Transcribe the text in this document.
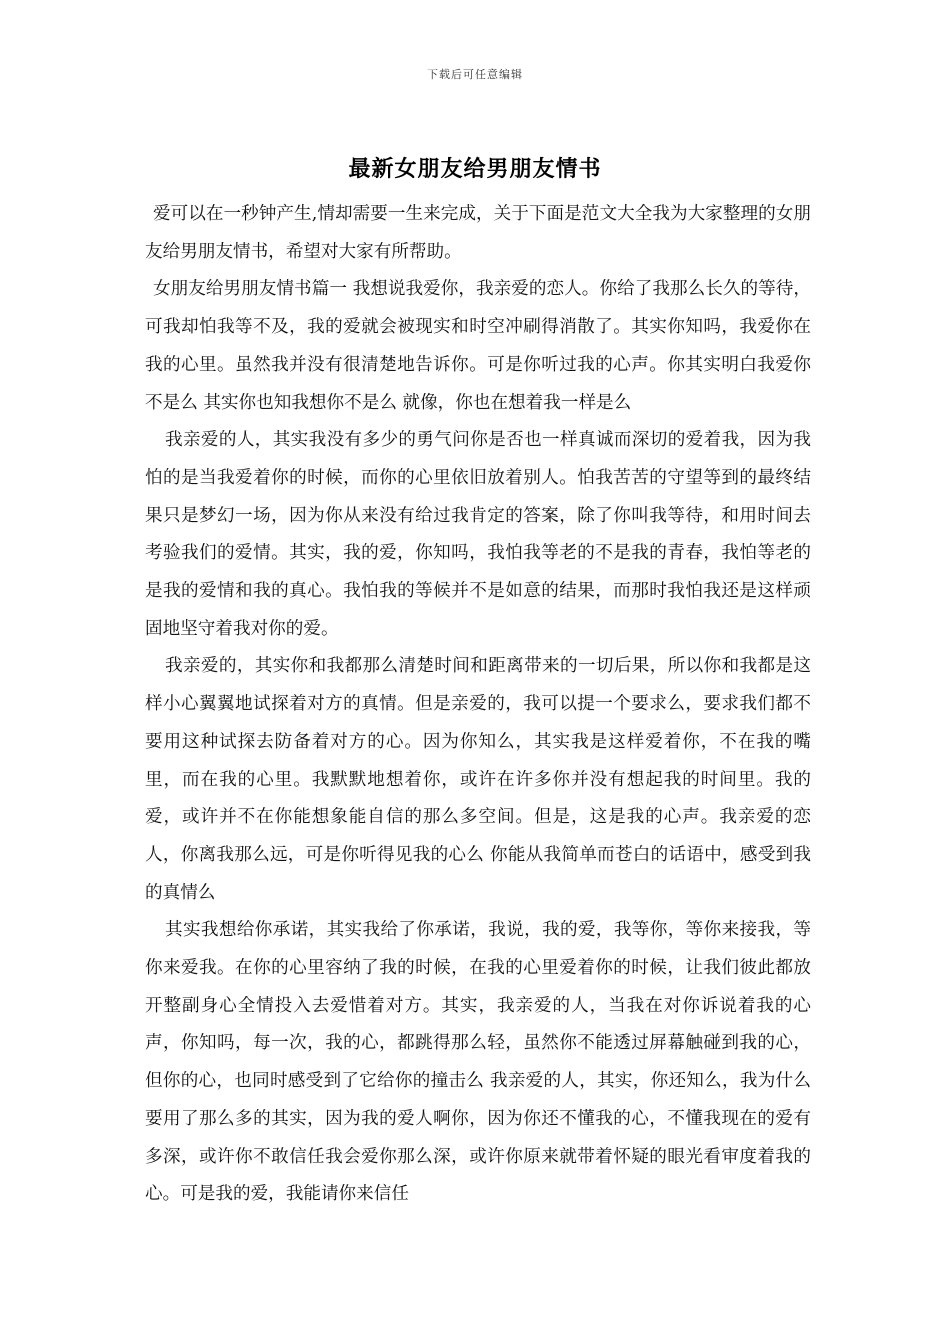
下载后可任意编辑
最新女朋友给男朋友情书

爱可以在一秒钟产生,情却需要一生来完成，关于下面是范文大全我为大家整理的女朋友给男朋友情书，希望对大家有所帮助。

女朋友给男朋友情书篇一 我想说我爱你，我亲爱的恋人。你给了我那么长久的等待，可我却怕我等不及，我的爱就会被现实和时空冲刷得消散了。其实你知吗，我爱你在我的心里。虽然我并没有很清楚地告诉你。可是你听过我的心声。你其实明白我爱你不是么 其实你也知我想你不是么 就像，你也在想着我一样是么

我亲爱的人，其实我没有多少的勇气问你是否也一样真诚而深切的爱着我，因为我怕的是当我爱着你的时候，而你的心里依旧放着别人。怕我苦苦的守望等到的最终结果只是梦幻一场，因为你从来没有给过我肯定的答案，除了你叫我等待，和用时间去考验我们的爱情。其实，我的爱，你知吗，我怕我等老的不是我的青春，我怕等老的是我的爱情和我的真心。我怕我的等候并不是如意的结果，而那时我怕我还是这样顽固地坚守着我对你的爱。

我亲爱的，其实你和我都那么清楚时间和距离带来的一切后果，所以你和我都是这样小心翼翼地试探着对方的真情。但是亲爱的，我可以提一个要求么，要求我们都不要用这种试探去防备着对方的心。因为你知么，其实我是这样爱着你，不在我的嘴里，而在我的心里。我默默地想着你，或许在许多你并没有想起我的时间里。我的爱，或许并不在你能想象能自信的那么多空间。但是，这是我的心声。我亲爱的恋人，你离我那么远，可是你听得见我的心么 你能从我简单而苍白的话语中，感受到我的真情么

其实我想给你承诺，其实我给了你承诺，我说，我的爱，我等你，等你来接我，等你来爱我。在你的心里容纳了我的时候，在我的心里爱着你的时候，让我们彼此都放开整副身心全情投入去爱惜着对方。其实，我亲爱的人，当我在对你诉说着我的心声，你知吗，每一次，我的心，都跳得那么轻，虽然你不能透过屏幕触碰到我的心，但你的心，也同时感受到了它给你的撞击么 我亲爱的人，其实，你还知么，我为什么要用了那么多的其实，因为我的爱人啊你，因为你还不懂我的心，不懂我现在的爱有多深，或许你不敢信任我会爱你那么深，或许你原来就带着怀疑的眼光看审度着我的心。可是我的爱，我能请你来信任
